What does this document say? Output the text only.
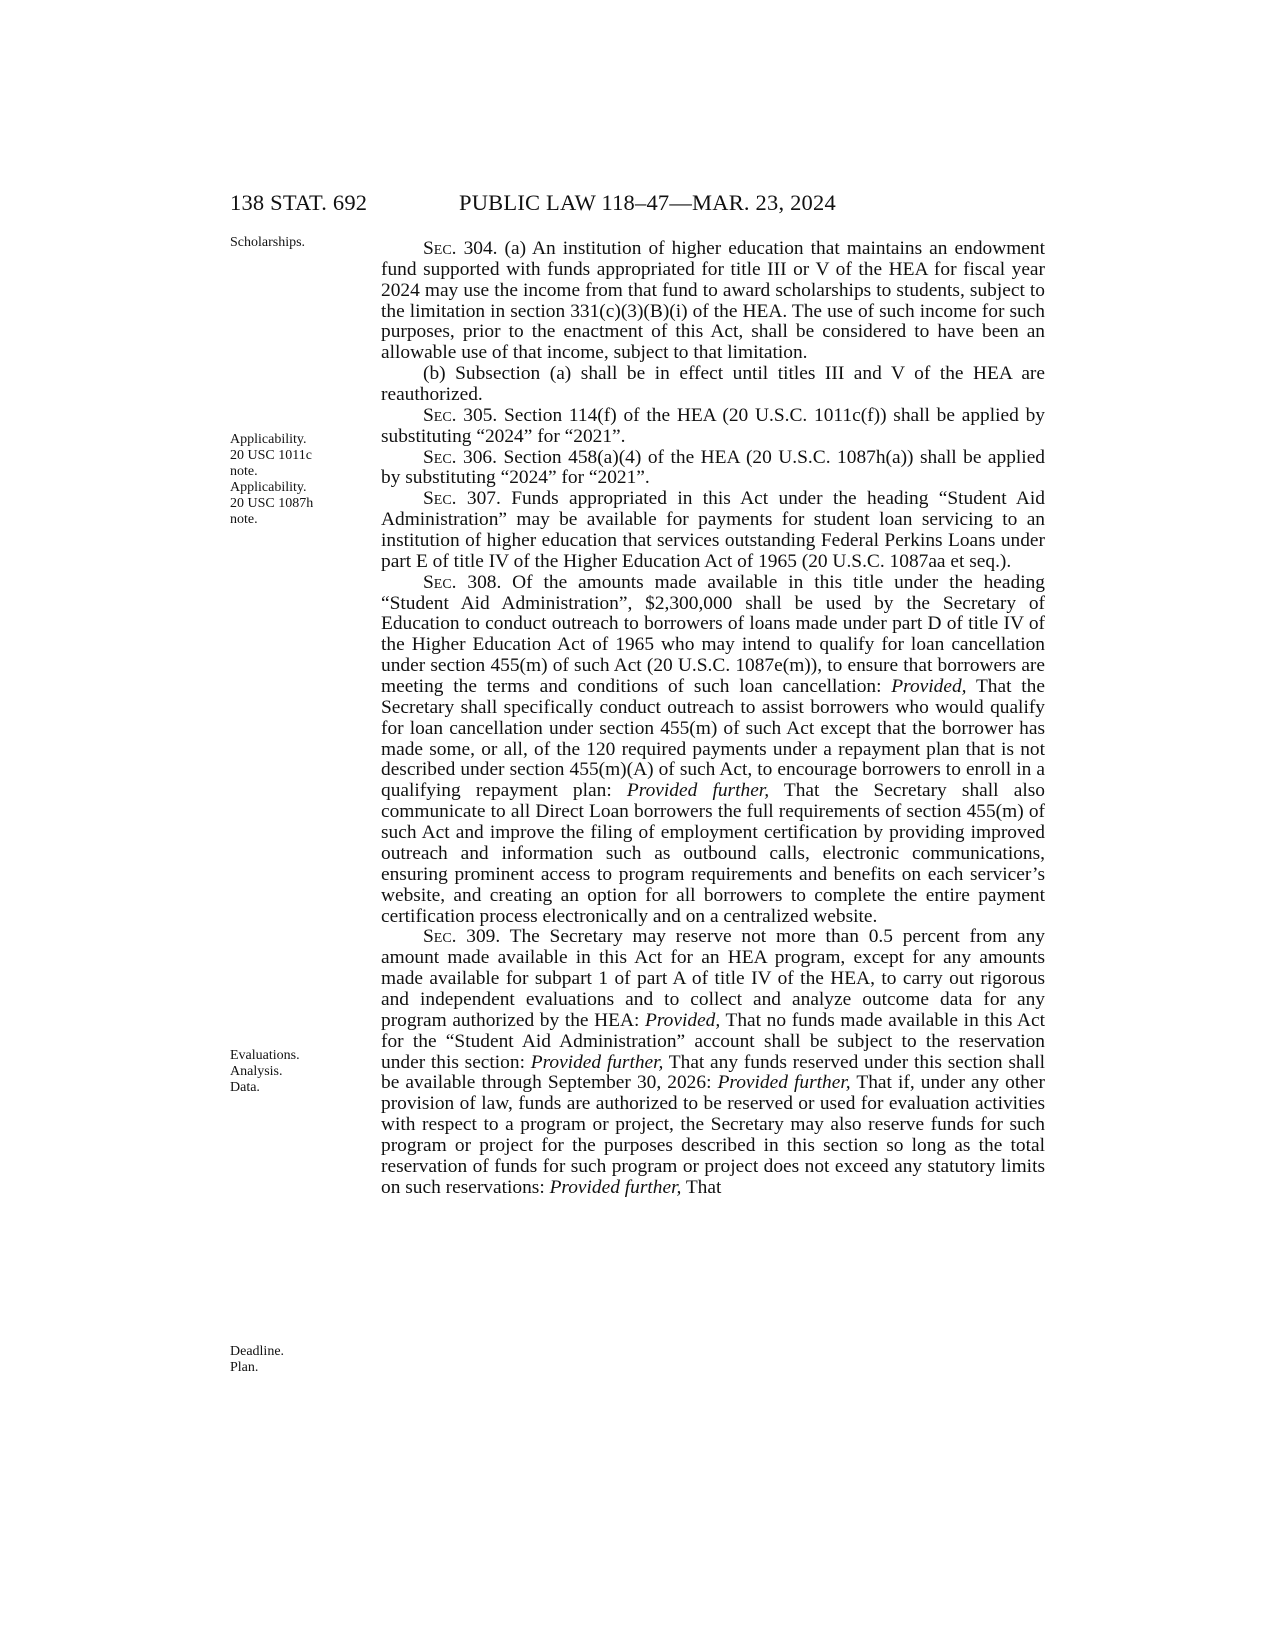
138 STAT. 692	PUBLIC LAW 118–47—MAR. 23, 2024
Scholarships.
Applicability.
20 USC 1011c
note.
Applicability.
20 USC 1087h
note.
Evaluations.
Analysis.
Data.
Deadline.
Plan.

Sec. 304. (a) An institution of higher education that maintains an endowment fund supported with funds appropriated for title III or V of the HEA for fiscal year 2024 may use the income from that fund to award scholarships to students, subject to the limitation in section 331(c)(3)(B)(i) of the HEA. The use of such income for such purposes, prior to the enactment of this Act, shall be considered to have been an allowable use of that income, subject to that limitation.

(b) Subsection (a) shall be in effect until titles III and V of the HEA are reauthorized.

Sec. 305. Section 114(f) of the HEA (20 U.S.C. 1011c(f)) shall be applied by substituting “2024” for “2021”.

Sec. 306. Section 458(a)(4) of the HEA (20 U.S.C. 1087h(a)) shall be applied by substituting “2024” for “2021”.

Sec. 307. Funds appropriated in this Act under the heading “Student Aid Administration” may be available for payments for student loan servicing to an institution of higher education that services outstanding Federal Perkins Loans under part E of title IV of the Higher Education Act of 1965 (20 U.S.C. 1087aa et seq.).

Sec. 308. Of the amounts made available in this title under the heading “Student Aid Administration”, $2,300,000 shall be used by the Secretary of Education to conduct outreach to borrowers of loans made under part D of title IV of the Higher Education Act of 1965 who may intend to qualify for loan cancellation under section 455(m) of such Act (20 U.S.C. 1087e(m)), to ensure that borrowers are meeting the terms and conditions of such loan cancellation: Provided, That the Secretary shall specifically conduct outreach to assist borrowers who would qualify for loan cancellation under section 455(m) of such Act except that the borrower has made some, or all, of the 120 required payments under a repayment plan that is not described under section 455(m)(A) of such Act, to encourage borrowers to enroll in a qualifying repayment plan: Provided further, That the Secretary shall also communicate to all Direct Loan borrowers the full requirements of section 455(m) of such Act and improve the filing of employment certification by providing improved outreach and information such as outbound calls, electronic communications, ensuring prominent access to program requirements and benefits on each servicer’s website, and creating an option for all borrowers to complete the entire payment certification process electronically and on a centralized website.

Sec. 309. The Secretary may reserve not more than 0.5 percent from any amount made available in this Act for an HEA program, except for any amounts made available for subpart 1 of part A of title IV of the HEA, to carry out rigorous and independent evaluations and to collect and analyze outcome data for any program authorized by the HEA: Provided, That no funds made available in this Act for the “Student Aid Administration” account shall be subject to the reservation under this section: Provided further, That any funds reserved under this section shall be available through September 30, 2026: Provided further, That if, under any other provision of law, funds are authorized to be reserved or used for evaluation activities with respect to a program or project, the Secretary may also reserve funds for such program or project for the purposes described in this section so long as the total reservation of funds for such program or project does not exceed any statutory limits on such reservations: Provided further, That
